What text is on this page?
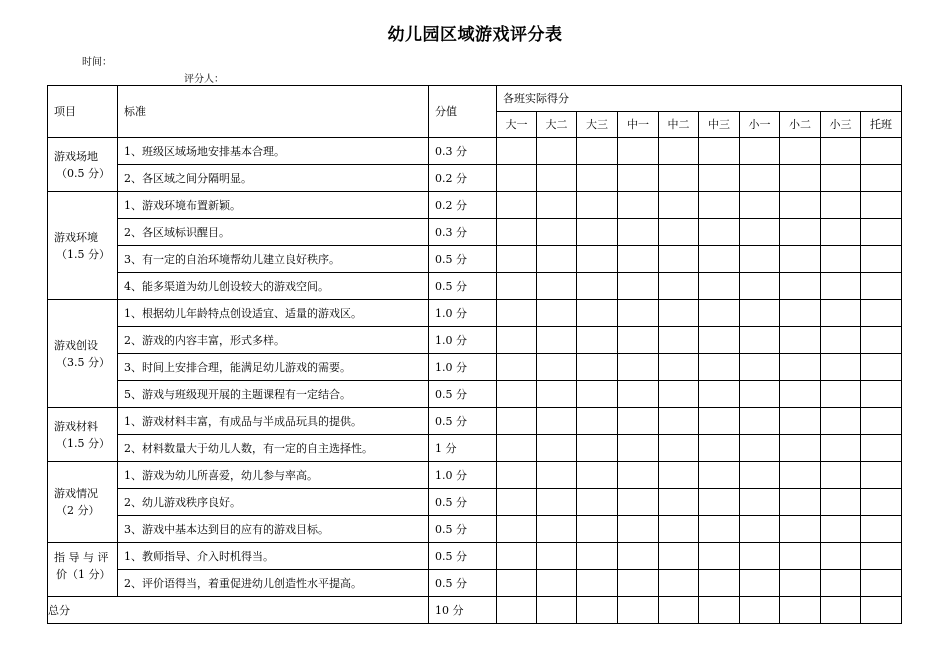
幼儿园区域游戏评分表
时间：
评分人：
项目	标准	分值	各班实际得分									
			大一	大二	大三	中一	中二	中三	小一	小二	小三	托班

游戏场地
（0.5 分）	1、班级区域场地安排基本合理。	0.3 分										
	2、各区域之间分隔明显。	0.2 分										

游戏环境
（1.5 分）	1、游戏环境布置新颖。	0.2 分										
	2、各区域标识醒目。	0.3 分										
	3、有一定的自治环境帮幼儿建立良好秩序。	0.5 分										
	4、能多渠道为幼儿创设较大的游戏空间。	0.5 分										

游戏创设
（3.5 分）	1、根据幼儿年龄特点创设适宜、适量的游戏区。	1.0 分										
	2、游戏的内容丰富，形式多样。	1.0 分										
	3、时间上安排合理，能满足幼儿游戏的需要。	1.0 分										
	5、游戏与班级现开展的主题课程有一定结合。	0.5 分										

游戏材料
（1.5 分）	1、游戏材料丰富，有成品与半成品玩具的提供。	0.5 分										
	2、材料数量大于幼儿人数，有一定的自主选择性。	1 分										

游戏情况
（2 分）	1、游戏为幼儿所喜爱，幼儿参与率高。	1.0 分										
	2、幼儿游戏秩序良好。	0.5 分										
	3、游戏中基本达到目的应有的游戏目标。	0.5 分										

指 导 与 评
价（1 分）	1、教师指导、介入时机得当。	0.5 分										
	2、评价语得当，着重促进幼儿创造性水平提高。	0.5 分										
总分		10 分										
